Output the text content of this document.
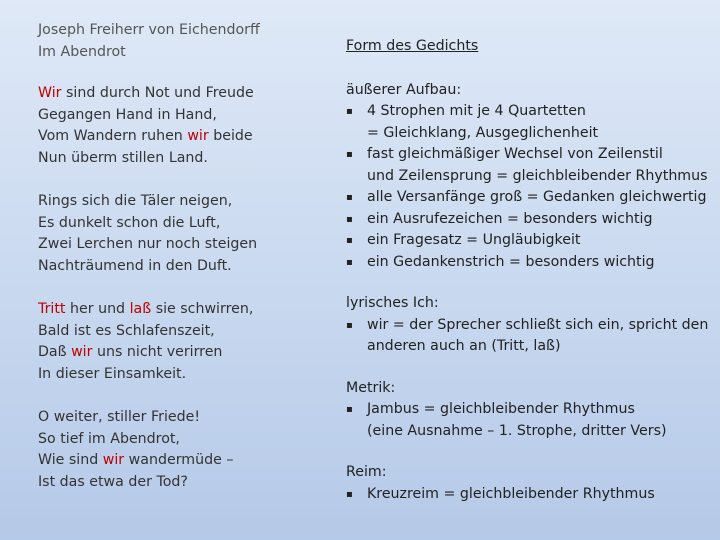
Joseph Freiherr von Eichendorff
Im Abendrot
Wir sind durch Not und Freude
Gegangen Hand in Hand,
Vom Wandern ruhen wir beide
Nun überm stillen Land.
Rings sich die Täler neigen,
Es dunkelt schon die Luft,
Zwei Lerchen nur noch steigen
Nachträumend in den Duft.
Tritt her und laß sie schwirren,
Bald ist es Schlafenszeit,
Daß wir uns nicht verirren
In dieser Einsamkeit.
O weiter, stiller Friede!
So tief im Abendrot,
Wie sind wir wandermüde –
Ist das etwa der Tod?
Form des Gedichts
äußerer Aufbau:
▪	4 Strophen mit je 4 Quartetten
= Gleichklang, Ausgeglichenheit
▪	fast gleichmäßiger Wechsel von Zeilenstil
und Zeilensprung = gleichbleibender Rhythmus
▪	alle Versanfänge groß = Gedanken gleichwertig
▪	ein Ausrufezeichen = besonders wichtig
▪	ein Fragesatz = Ungläubigkeit
▪	ein Gedankenstrich = besonders wichtig
lyrisches Ich:
▪	wir = der Sprecher schließt sich ein, spricht den
anderen auch an (Tritt, laß)
Metrik:
▪	Jambus = gleichbleibender Rhythmus
(eine Ausnahme – 1. Strophe, dritter Vers)
Reim:
▪	Kreuzreim = gleichbleibender Rhythmus
